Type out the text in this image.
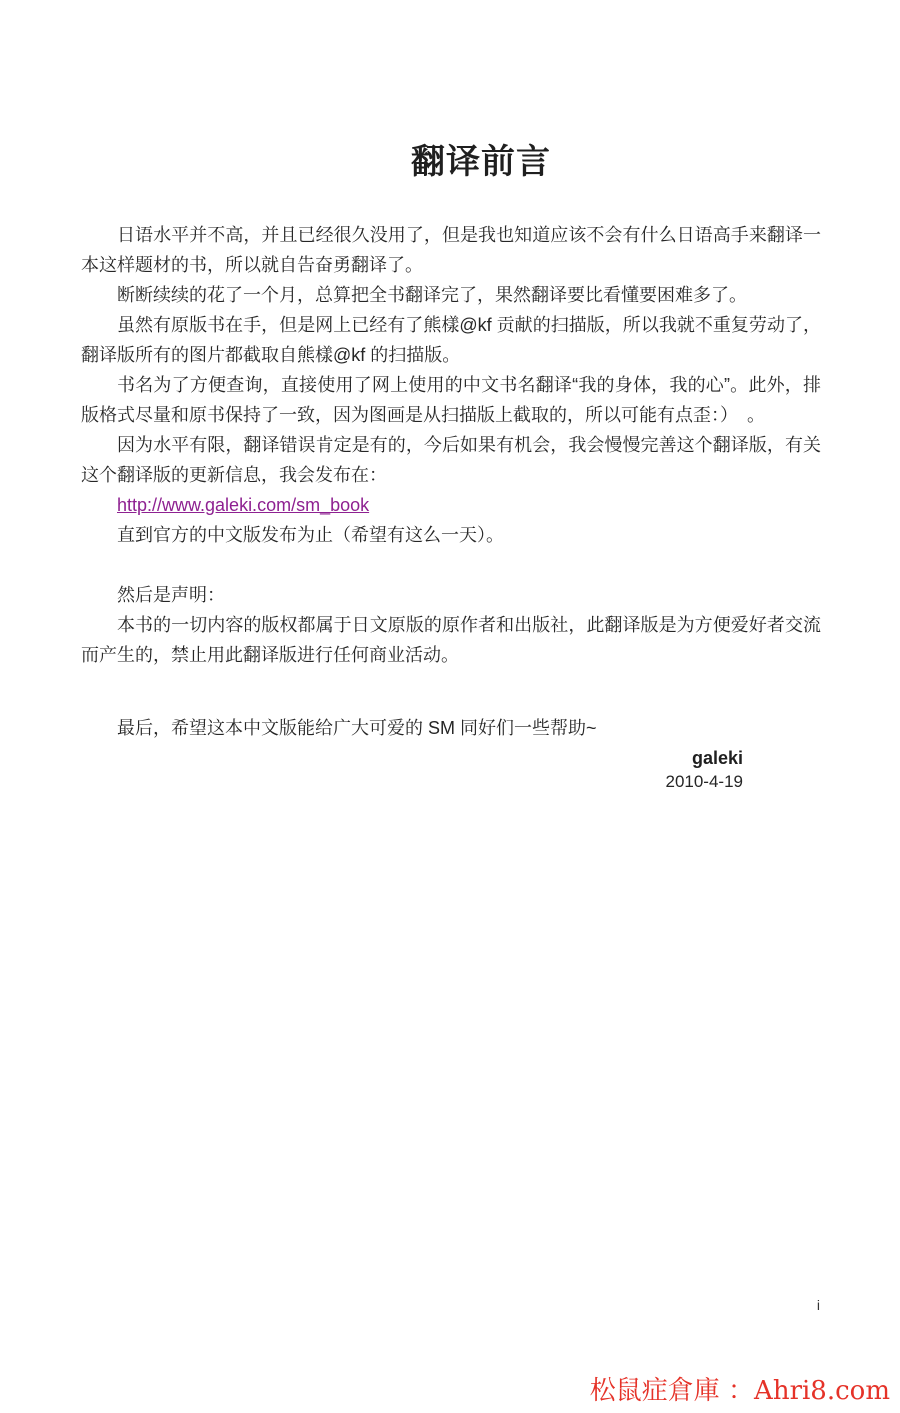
翻译前言

日语水平并不高，并且已经很久没用了，但是我也知道应该不会有什么日语高手来翻译一本这样题材的书，所以就自告奋勇翻译了。

断断续续的花了一个月，总算把全书翻译完了，果然翻译要比看懂要困难多了。

虽然有原版书在手，但是网上已经有了熊樣@kf 贡献的扫描版，所以我就不重复劳动了，翻译版所有的图片都截取自熊樣@kf 的扫描版。

书名为了方便查询，直接使用了网上使用的中文书名翻译“我的身体，我的心”。此外，排版格式尽量和原书保持了一致，因为图画是从扫描版上截取的，所以可能有点歪：）　。

因为水平有限，翻译错误肯定是有的，今后如果有机会，我会慢慢完善这个翻译版，有关这个翻译版的更新信息，我会发布在：

http://www.galeki.com/sm_book

直到官方的中文版发布为止（希望有这么一天）。

然后是声明：

本书的一切内容的版权都属于日文原版的原作者和出版社，此翻译版是为方便爱好者交流而产生的，禁止用此翻译版进行任何商业活动。

最后，希望这本中文版能给广大可爱的 SM 同好们一些帮助~

galeki
2010-4-19
i
松鼠症倉庫 ：Ahri8.com
